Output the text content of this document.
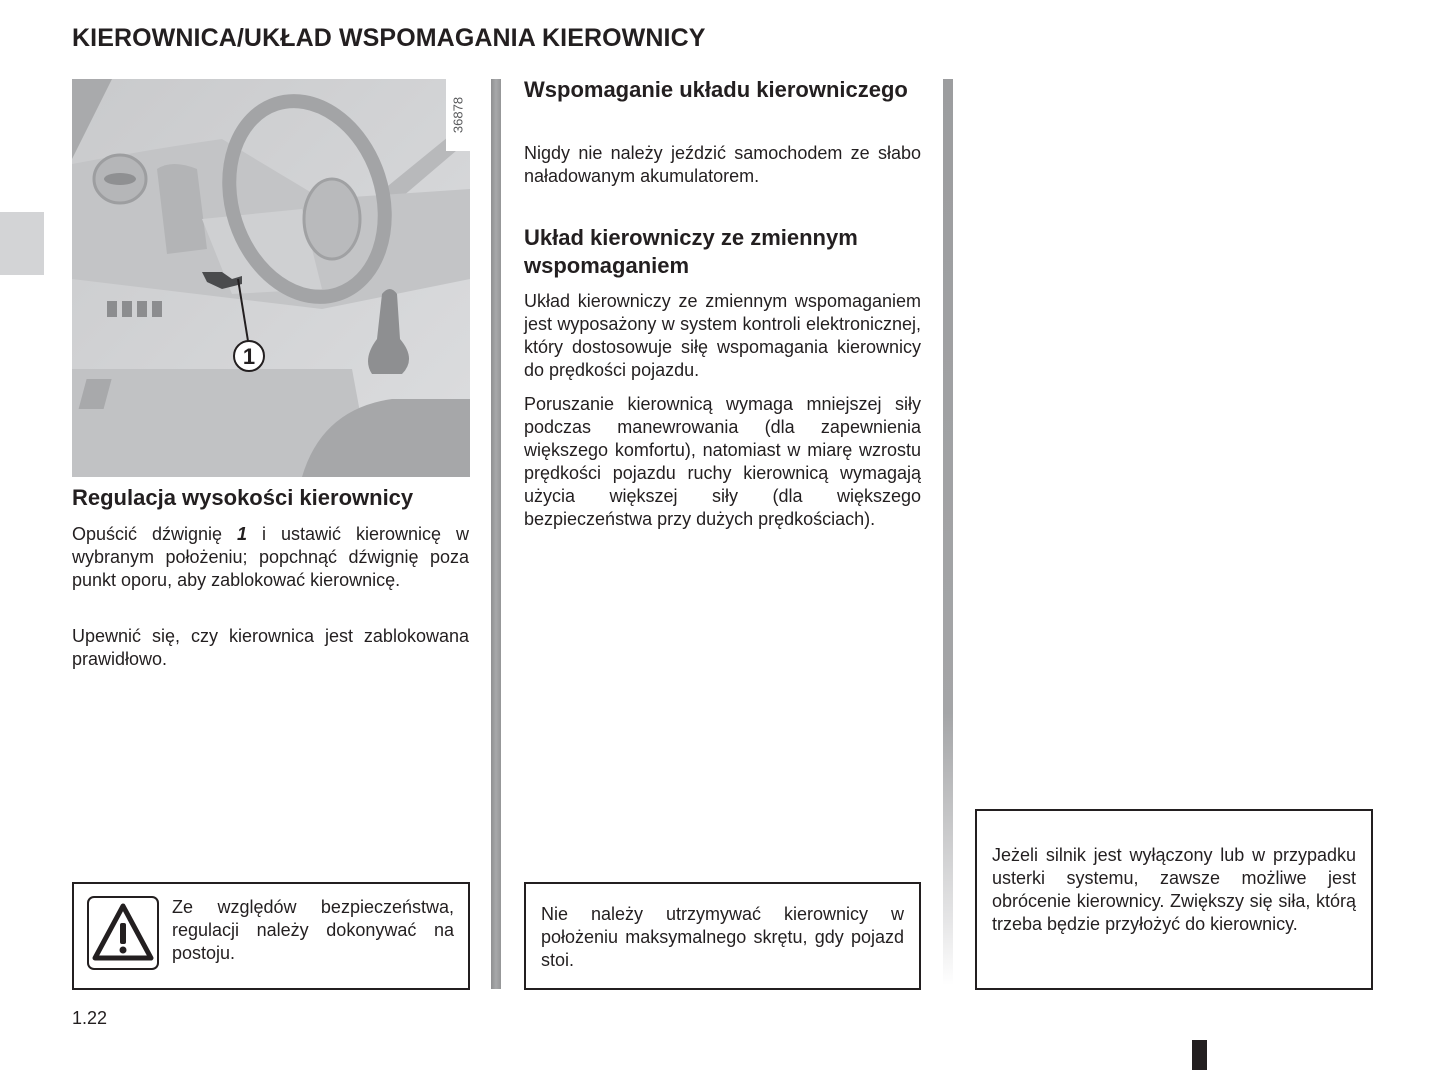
KIEROWNICA/UKŁAD WSPOMAGANIA KIEROWNICY
1
36878
Regulacja wysokości kierownicy
Opuścić dźwignię 1 i ustawić kierownicę w wybranym położeniu; popchnąć dźwignię poza punkt oporu, aby zablokować kierownicę.
Upewnić się, czy kierownica jest zablokowana prawidłowo.
Ze względów bezpieczeństwa, regulacji należy dokonywać na postoju.
Wspomaganie układu kierowniczego
Nigdy nie należy jeździć samochodem ze słabo naładowanym akumulatorem.
Układ kierowniczy ze zmiennym wspomaganiem
Układ kierowniczy ze zmiennym wspomaganiem jest wyposażony w system kontroli elektronicznej, który dostosowuje siłę wspomagania kierownicy do prędkości pojazdu.
Poruszanie kierownicą wymaga mniejszej siły podczas manewrowania (dla zapewnienia większego komfortu), natomiast w miarę wzrostu prędkości pojazdu ruchy kierownicą wymagają użycia większej siły (dla większego bezpieczeństwa przy dużych prędkościach).
Nie należy utrzymywać kierownicy w położeniu maksymalnego skrętu, gdy pojazd stoi.
Jeżeli silnik jest wyłączony lub w przypadku usterki systemu, zawsze możliwe jest obrócenie kierownicy. Zwiększy się siła, którą trzeba będzie przyłożyć do kierownicy.
1.22
